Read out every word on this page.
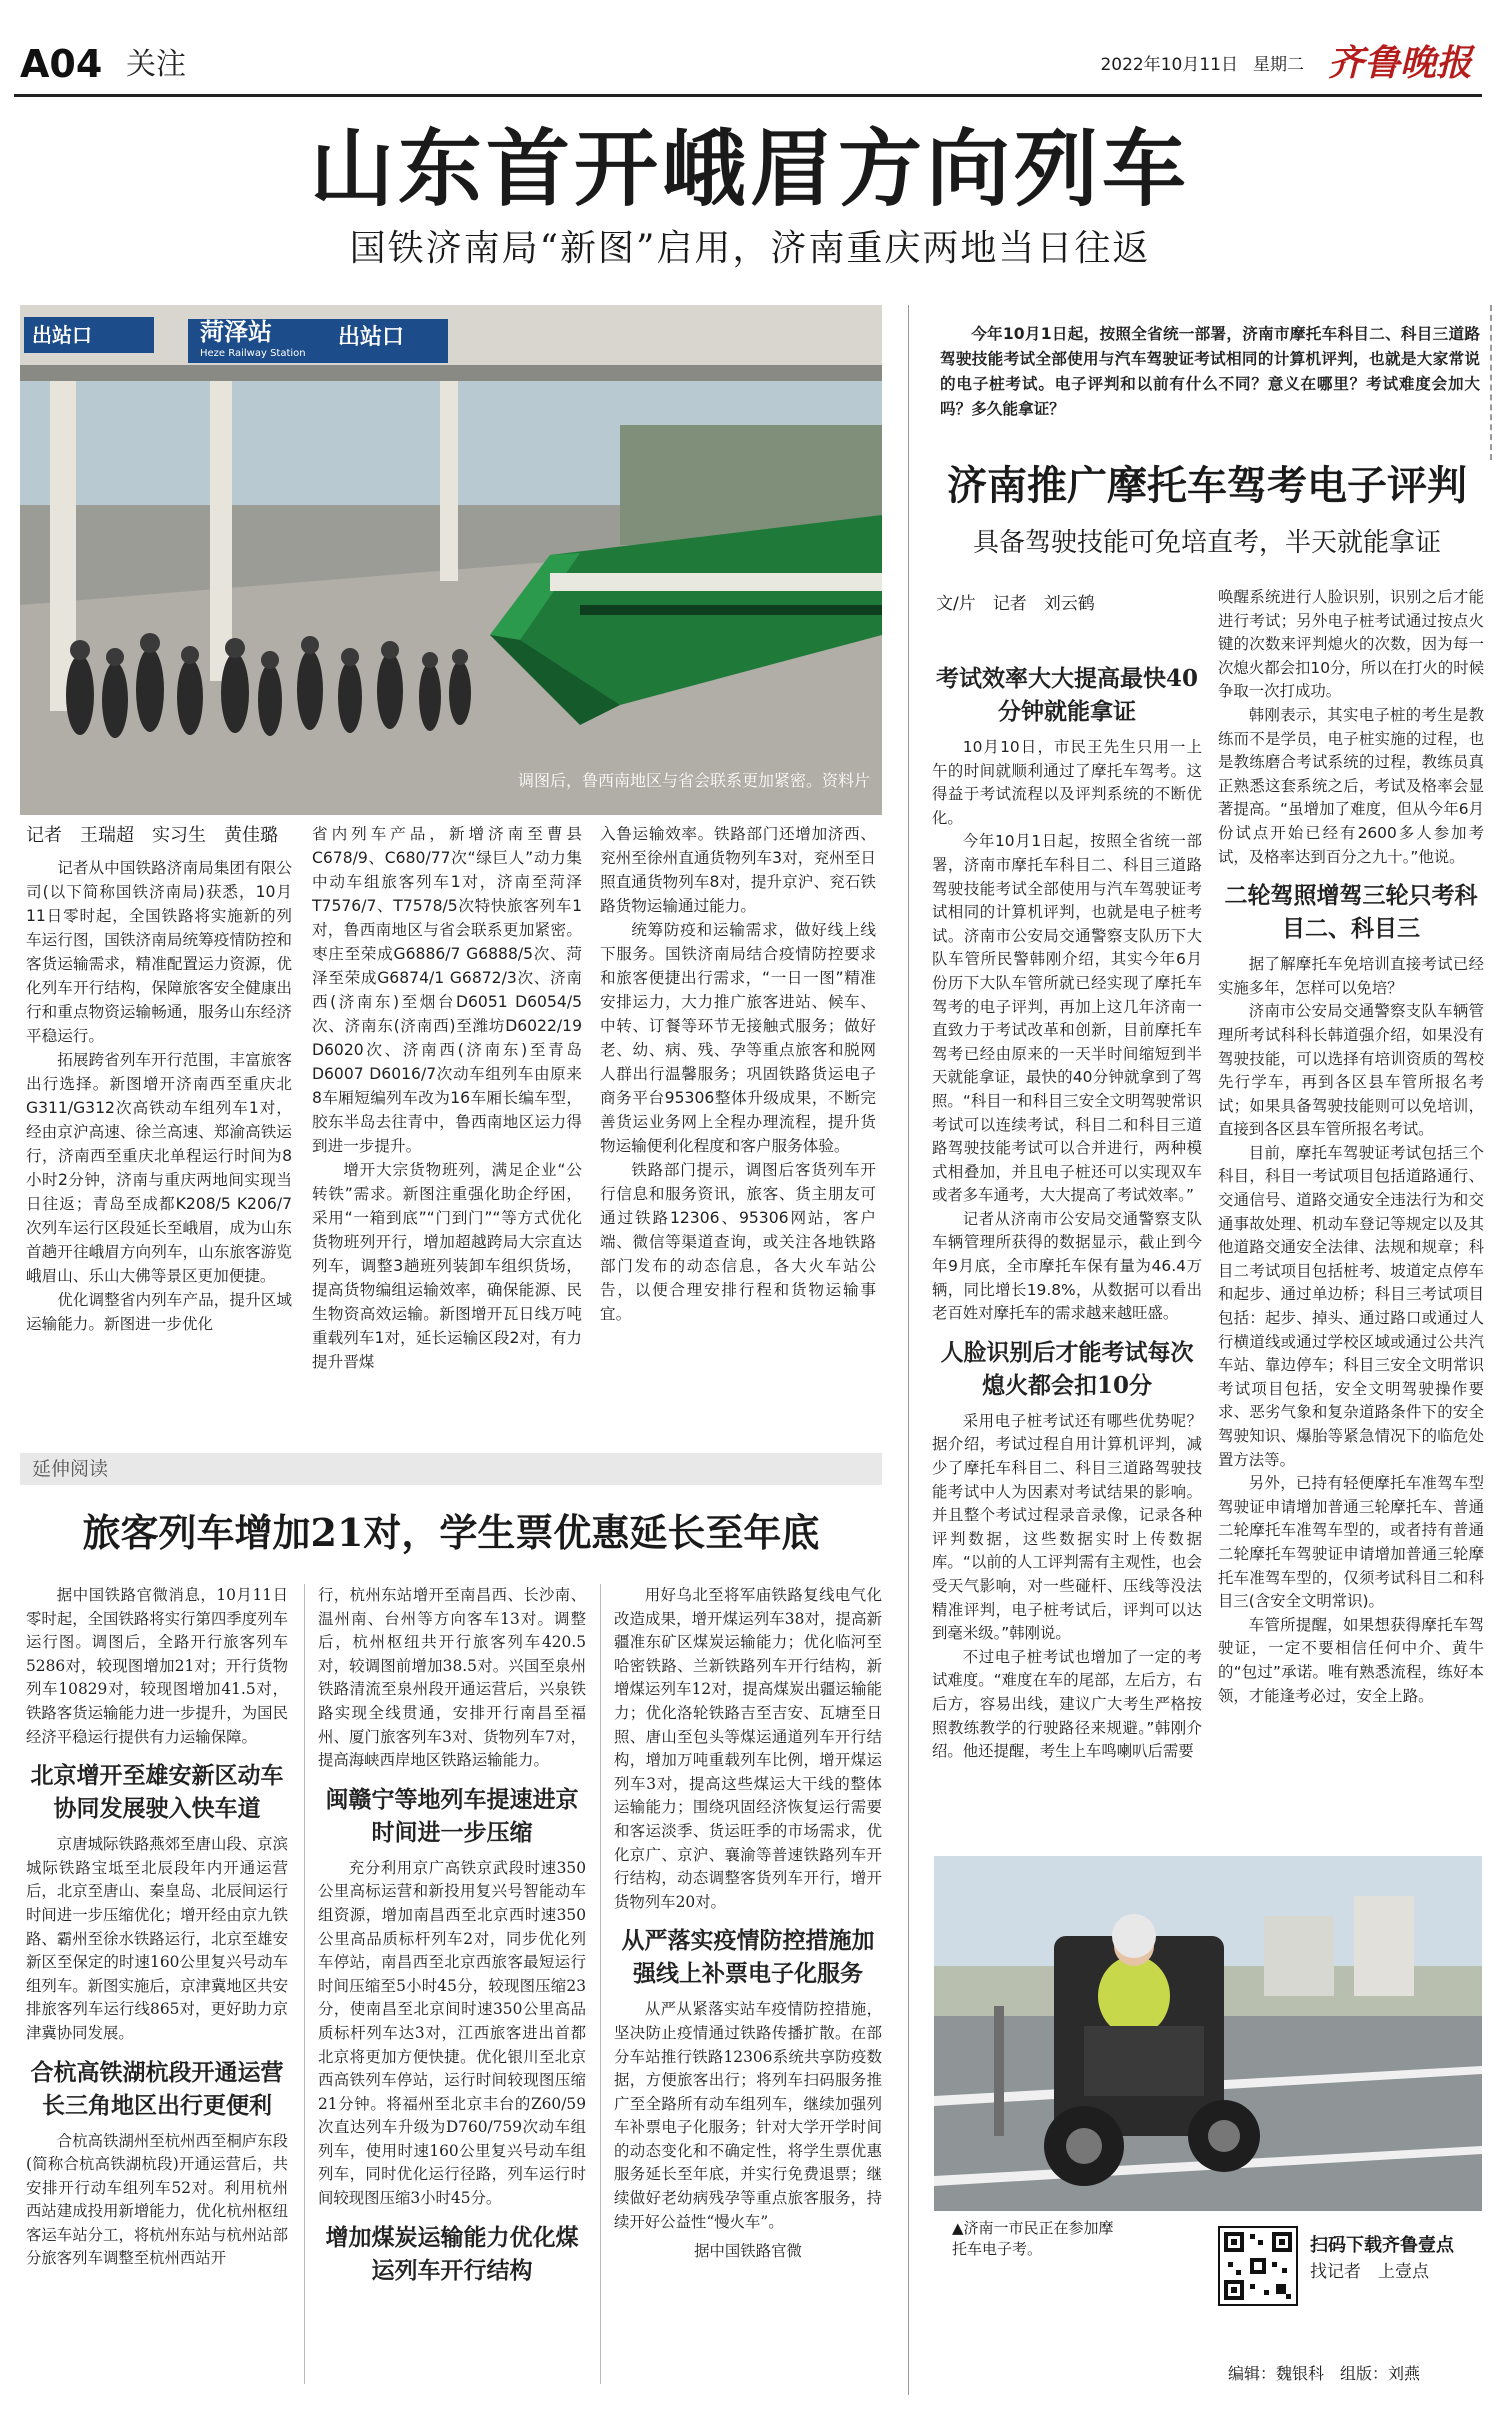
A04 关注	2022年10月11日 星期二 齐鲁晚报
山东首开峨眉方向列车
国铁济南局“新图”启用，济南重庆两地当日往返
出站口	菏泽站
Heze Railway Station
出站口
调图后，鲁西南地区与省会联系更加紧密。资料片
记者　王瑞超　实习生　黄佳璐

记者从中国铁路济南局集团有限公司(以下简称国铁济南局)获悉，10月11日零时起，全国铁路将实施新的列车运行图，国铁济南局统筹疫情防控和客货运输需求，精准配置运力资源，优化列车开行结构，保障旅客安全健康出行和重点物资运输畅通，服务山东经济平稳运行。

拓展跨省列车开行范围，丰富旅客出行选择。新图增开济南西至重庆北G311/G312次高铁动车组列车1对，经由京沪高速、徐兰高速、郑渝高铁运行，济南西至重庆北单程运行时间为8小时2分钟，济南与重庆两地间实现当日往返；青岛至成都K208/5 K206/7次列车运行区段延长至峨眉，成为山东首趟开往峨眉方向列车，山东旅客游览峨眉山、乐山大佛等景区更加便捷。

优化调整省内列车产品，提升区域运输能力。新图进一步优化

省内列车产品，新增济南至曹县C678/9、C680/77次“绿巨人”动力集中动车组旅客列车1对，济南至菏泽T7576/7、T7578/5次特快旅客列车1对，鲁西南地区与省会联系更加紧密。枣庄至荣成G6886/7 G6888/5次、菏泽至荣成G6874/1 G6872/3次、济南西(济南东)至烟台D6051 D6054/5次、济南东(济南西)至潍坊D6022/19 D6020次、济南西(济南东)至青岛D6007 D6016/7次动车组列车由原来8车厢短编列车改为16车厢长编车型，胶东半岛去往青中，鲁西南地区运力得到进一步提升。

增开大宗货物班列，满足企业“公转铁”需求。新图注重强化助企纾困，采用“一箱到底”“门到门”“等方式优化货物班列开行，增加超越跨局大宗直达列车，调整3趟班列装卸车组织货场，提高货物编组运输效率，确保能源、民生物资高效运输。新图增开瓦日线万吨重载列车1对，延长运输区段2对，有力提升晋煤

入鲁运输效率。铁路部门还增加济西、兖州至徐州直通货物列车3对，兖州至日照直通货物列车8对，提升京沪、兖石铁路货物运输通过能力。

统筹防疫和运输需求，做好线上线下服务。国铁济南局结合疫情防控要求和旅客便捷出行需求，“一日一图”精准安排运力，大力推广旅客进站、候车、中转、订餐等环节无接触式服务；做好老、幼、病、残、孕等重点旅客和脱网人群出行温馨服务；巩固铁路货运电子商务平台95306整体升级成果，不断完善货运业务网上全程办理流程，提升货物运输便利化程度和客户服务体验。

铁路部门提示，调图后客货列车开行信息和服务资讯，旅客、货主朋友可通过铁路12306、95306网站，客户端、微信等渠道查询，或关注各地铁路部门发布的动态信息，各大火车站公告，以便合理安排行程和货物运输事宜。

延伸阅读
旅客列车增加21对，学生票优惠延长至年底

据中国铁路官微消息，10月11日零时起，全国铁路将实行第四季度列车运行图。调图后，全路开行旅客列车5286对，较现图增加21对；开行货物列车10829对，较现图增加41.5对，铁路客货运输能力进一步提升，为国民经济平稳运行提供有力运输保障。

北京增开至雄安新区动车协同发展驶入快车道

京唐城际铁路燕郊至唐山段、京滨城际铁路宝坻至北辰段年内开通运营后，北京至唐山、秦皇岛、北辰间运行时间进一步压缩优化；增开经由京九铁路、霸州至徐水铁路运行，北京至雄安新区至保定的时速160公里复兴号动车组列车。新图实施后，京津冀地区共安排旅客列车运行线865对，更好助力京津冀协同发展。

合杭高铁湖杭段开通运营长三角地区出行更便利

合杭高铁湖州至杭州西至桐庐东段(简称合杭高铁湖杭段)开通运营后，共安排开行动车组列车52对。利用杭州西站建成投用新增能力，优化杭州枢纽客运车站分工，将杭州东站与杭州站部分旅客列车调整至杭州西站开

行，杭州东站增开至南昌西、长沙南、温州南、台州等方向客车13对。调整后，杭州枢纽共开行旅客列车420.5对，较调图前增加38.5对。兴国至泉州铁路清流至泉州段开通运营后，兴泉铁路实现全线贯通，安排开行南昌至福州、厦门旅客列车3对、货物列车7对，提高海峡西岸地区铁路运输能力。

闽赣宁等地列车提速进京时间进一步压缩

充分利用京广高铁京武段时速350公里高标运营和新投用复兴号智能动车组资源，增加南昌西至北京西时速350公里高品质标杆列车2对，同步优化列车停站，南昌西至北京西旅客最短运行时间压缩至5小时45分，较现图压缩23分，使南昌至北京间时速350公里高品质标杆列车达3对，江西旅客进出首都北京将更加方便快捷。优化银川至北京西高铁列车停站，运行时间较现图压缩21分钟。将福州至北京丰台的Z60/59次直达列车升级为D760/759次动车组列车，使用时速160公里复兴号动车组列车，同时优化运行径路，列车运行时间较现图压缩3小时45分。

增加煤炭运输能力优化煤运列车开行结构

用好乌北至将军庙铁路复线电气化改造成果，增开煤运列车38对，提高新疆准东矿区煤炭运输能力；优化临河至哈密铁路、兰新铁路列车开行结构，新增煤运列车12对，提高煤炭出疆运输能力；优化洛轮铁路吉至吉安、瓦塘至日照、唐山至包头等煤运通道列车开行结构，增加万吨重载列车比例，增开煤运列车3对，提高这些煤运大干线的整体运输能力；围绕巩固经济恢复运行需要和客运淡季、货运旺季的市场需求，优化京广、京沪、襄渝等普速铁路列车开行结构，动态调整客货列车开行，增开货物列车20对。

从严落实疫情防控措施加强线上补票电子化服务

从严从紧落实站车疫情防控措施，坚决防止疫情通过铁路传播扩散。在部分车站推行铁路12306系统共享防疫数据，方便旅客出行；将列车扫码服务推广至全路所有动车组列车，继续加强列车补票电子化服务；针对大学开学时间的动态变化和不确定性，将学生票优惠服务延长至年底，并实行免费退票；继续做好老幼病残孕等重点旅客服务，持续开好公益性“慢火车”。

据中国铁路官微

今年10月1日起，按照全省统一部署，济南市摩托车科目二、科目三道路驾驶技能考试全部使用与汽车驾驶证考试相同的计算机评判，也就是大家常说的电子桩考试。电子评判和以前有什么不同？意义在哪里？考试难度会加大吗？多久能拿证？
济南推广摩托车驾考电子评判
具备驾驶技能可免培直考，半天就能拿证
文/片　记者　刘云鹤
考试效率大大提高最快40分钟就能拿证

10月10日，市民王先生只用一上午的时间就顺利通过了摩托车驾考。这得益于考试流程以及评判系统的不断优化。

今年10月1日起，按照全省统一部署，济南市摩托车科目二、科目三道路驾驶技能考试全部使用与汽车驾驶证考试相同的计算机评判，也就是电子桩考试。济南市公安局交通警察支队历下大队车管所民警韩刚介绍，其实今年6月份历下大队车管所就已经实现了摩托车驾考的电子评判，再加上这几年济南一直致力于考试改革和创新，目前摩托车驾考已经由原来的一天半时间缩短到半天就能拿证，最快的40分钟就拿到了驾照。“科目一和科目三安全文明驾驶常识考试可以连续考试，科目二和科目三道路驾驶技能考试可以合并进行，两种模式相叠加，并且电子桩还可以实现双车或者多车通考，大大提高了考试效率。”

记者从济南市公安局交通警察支队车辆管理所获得的数据显示，截止到今年9月底，全市摩托车保有量为46.4万辆，同比增长19.8%，从数据可以看出老百姓对摩托车的需求越来越旺盛。

人脸识别后才能考试每次熄火都会扣10分

采用电子桩考试还有哪些优势呢？据介绍，考试过程自用计算机评判，减少了摩托车科目二、科目三道路驾驶技能考试中人为因素对考试结果的影响。并且整个考试过程录音录像，记录各种评判数据，这些数据实时上传数据库。“以前的人工评判需有主观性，也会受天气影响，对一些碰杆、压线等没法精准评判，电子桩考试后，评判可以达到毫米级。”韩刚说。

不过电子桩考试也增加了一定的考试难度。“难度在车的尾部，左后方，右后方，容易出线，建议广大考生严格按照教练教学的行驶路径来规避。”韩刚介绍。他还提醒，考生上车鸣喇叭后需要

唤醒系统进行人脸识别，识别之后才能进行考试；另外电子桩考试通过按点火键的次数来评判熄火的次数，因为每一次熄火都会扣10分，所以在打火的时候争取一次打成功。

韩刚表示，其实电子桩的考生是教练而不是学员，电子桩实施的过程，也是教练磨合考试系统的过程，教练员真正熟悉这套系统之后，考试及格率会显著提高。“虽增加了难度，但从今年6月份试点开始已经有2600多人参加考试，及格率达到百分之九十。”他说。

二轮驾照增驾三轮只考科目二、科目三

据了解摩托车免培训直接考试已经实施多年，怎样可以免培？

济南市公安局交通警察支队车辆管理所考试科科长韩道强介绍，如果没有驾驶技能，可以选择有培训资质的驾校先行学车，再到各区县车管所报名考试；如果具备驾驶技能则可以免培训，直接到各区县车管所报名考试。

目前，摩托车驾驶证考试包括三个科目，科目一考试项目包括道路通行、交通信号、道路交通安全违法行为和交通事故处理、机动车登记等规定以及其他道路交通安全法律、法规和规章；科目二考试项目包括桩考、坡道定点停车和起步、通过单边桥；科目三考试项目包括：起步、掉头、通过路口或通过人行横道线或通过学校区域或通过公共汽车站、靠边停车；科目三安全文明常识考试项目包括，安全文明驾驶操作要求、恶劣气象和复杂道路条件下的安全驾驶知识、爆胎等紧急情况下的临危处置方法等。

另外，已持有轻便摩托车准驾车型驾驶证申请增加普通三轮摩托车、普通二轮摩托车准驾车型的，或者持有普通二轮摩托车驾驶证申请增加普通三轮摩托车准驾车型的，仅须考试科目二和科目三(含安全文明常识)。

车管所提醒，如果想获得摩托车驾驶证，一定不要相信任何中介、黄牛的“包过”承诺。唯有熟悉流程，练好本领，才能逢考必过，安全上路。

▲济南一市民正在参加摩托车电子考。	扫码下载齐鲁壹点
找记者　上壹点
编辑：魏银科　组版：刘燕
